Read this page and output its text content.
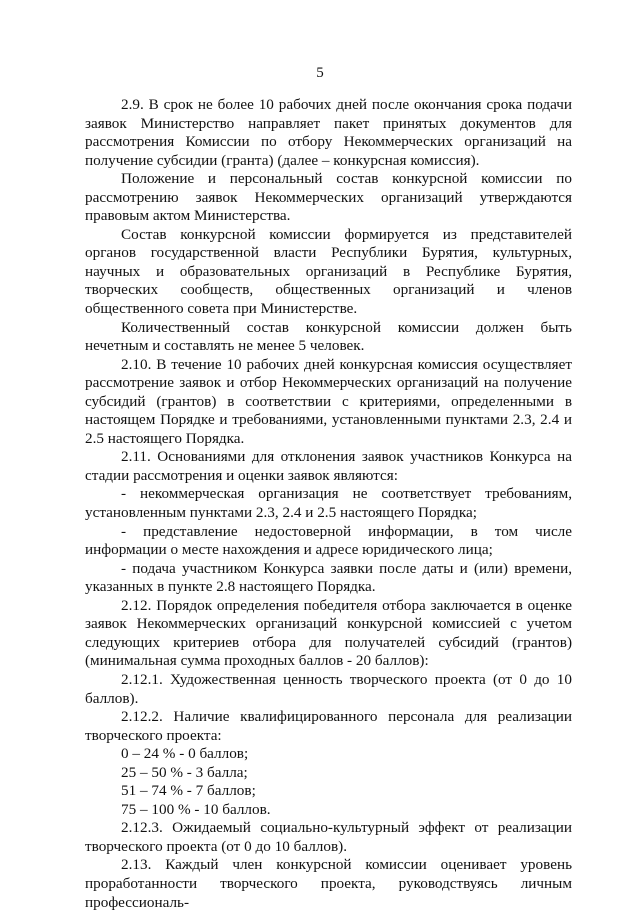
5

2.9. В срок не более 10 рабочих дней после окончания срока подачи заявок Министерство направляет пакет принятых документов для рассмотрения Комиссии по отбору Некоммерческих организаций на получение субсидии (гранта) (далее – конкурсная комиссия).

Положение и персональный состав конкурсной комиссии по рассмотрению заявок Некоммерческих организаций утверждаются правовым актом Министерства.

Состав конкурсной комиссии формируется из представителей органов государственной власти Республики Бурятия, культурных, научных и образовательных организаций в Республике Бурятия, творческих сообществ, общественных организаций и членов общественного совета при Министерстве.

Количественный состав конкурсной комиссии должен быть нечетным и составлять не менее 5 человек.

2.10. В течение 10 рабочих дней конкурсная комиссия осуществляет рассмотрение заявок и отбор Некоммерческих организаций на получение субсидий (грантов) в соответствии с критериями, определенными в настоящем Порядке и требованиями, установленными пунктами 2.3, 2.4 и 2.5 настоящего Порядка.

2.11. Основаниями для отклонения заявок участников Конкурса на стадии рассмотрения и оценки заявок являются:

- некоммерческая организация не соответствует требованиям, установленным пунктами 2.3, 2.4 и 2.5 настоящего Порядка;

- представление недостоверной информации, в том числе информации о месте нахождения и адресе юридического лица;

- подача участником Конкурса заявки после даты и (или) времени, указанных в пункте 2.8 настоящего Порядка.

2.12. Порядок определения победителя отбора заключается в оценке заявок Некоммерческих организаций конкурсной комиссией с учетом следующих критериев отбора для получателей субсидий (грантов) (минимальная сумма проходных баллов - 20 баллов):

2.12.1. Художественная ценность творческого проекта (от 0 до 10 баллов).

2.12.2. Наличие квалифицированного персонала для реализации творческого проекта:

0 – 24 % - 0 баллов;

25 – 50 % - 3 балла;

51 – 74 % - 7 баллов;

75 – 100 % - 10 баллов.

2.12.3. Ожидаемый социально-культурный эффект от реализации творческого проекта (от 0 до 10 баллов).

2.13. Каждый член конкурсной комиссии оценивает уровень проработанности творческого проекта, руководствуясь личным профессиональ-
